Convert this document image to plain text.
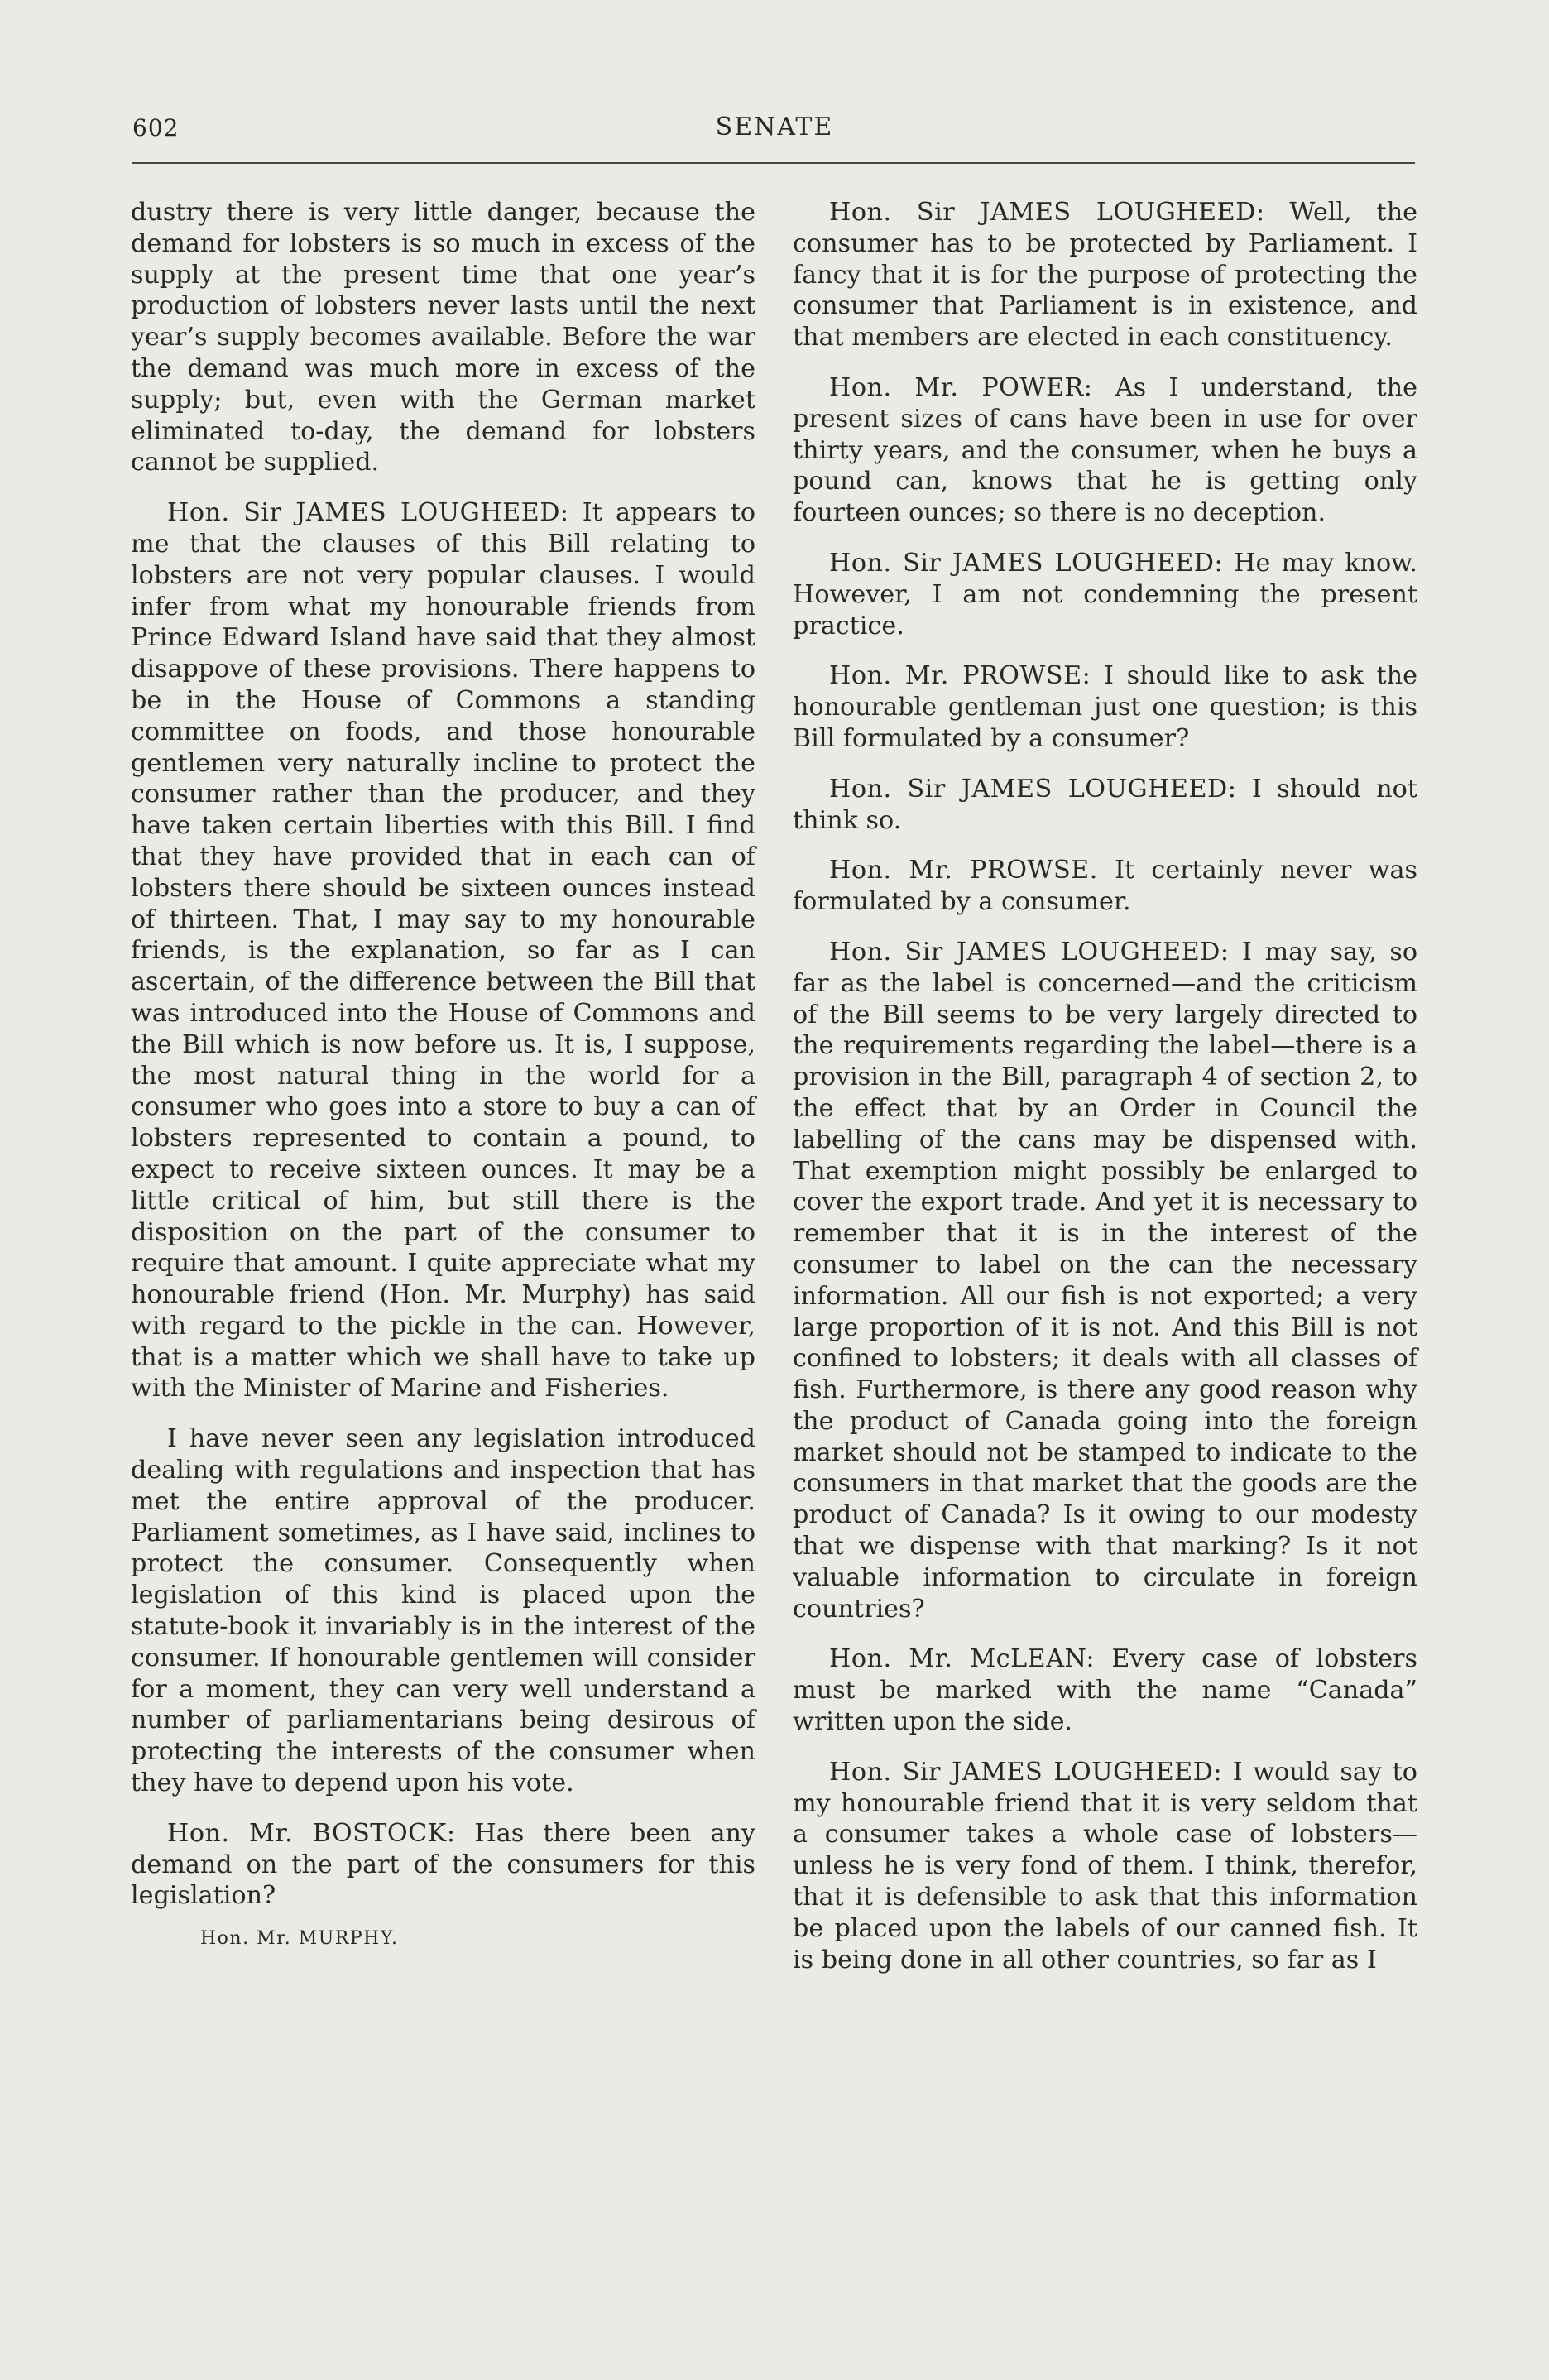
602	SENATE

dustry there is very little danger, because the demand for lobsters is so much in excess of the supply at the present time that one year’s production of lobsters never lasts until the next year’s supply becomes available. Before the war the demand was much more in excess of the supply; but, even with the German market eliminated to-day, the demand for lobsters cannot be supplied.

Hon. Sir JAMES LOUGHEED: It appears to me that the clauses of this Bill relating to lobsters are not very popular clauses. I would infer from what my honourable friends from Prince Edward Island have said that they almost disappove of these provisions. There happens to be in the House of Commons a standing committee on foods, and those honourable gentlemen very naturally incline to protect the consumer rather than the producer, and they have taken certain liberties with this Bill. I find that they have provided that in each can of lobsters there should be sixteen ounces instead of thirteen. That, I may say to my honourable friends, is the explanation, so far as I can ascertain, of the difference between the Bill that was introduced into the House of Commons and the Bill which is now before us. It is, I suppose, the most natural thing in the world for a consumer who goes into a store to buy a can of lobsters represented to contain a pound, to expect to receive sixteen ounces. It may be a little critical of him, but still there is the disposition on the part of the consumer to require that amount. I quite appreciate what my honourable friend (Hon. Mr. Murphy) has said with regard to the pickle in the can. However, that is a matter which we shall have to take up with the Minister of Marine and Fisheries.

I have never seen any legislation introduced dealing with regulations and inspection that has met the entire approval of the producer. Parliament sometimes, as I have said, inclines to protect the consumer. Consequently when legislation of this kind is placed upon the statute-book it invariably is in the interest of the consumer. If honourable gentlemen will consider for a moment, they can very well understand a number of parliamentarians being desirous of protecting the interests of the consumer when they have to depend upon his vote.

Hon. Mr. BOSTOCK: Has there been any demand on the part of the consumers for this legislation?

Hon. Mr. MURPHY.

Hon. Sir JAMES LOUGHEED: Well, the consumer has to be protected by Parliament. I fancy that it is for the purpose of protecting the consumer that Parliament is in existence, and that members are elected in each constituency.

Hon. Mr. POWER: As I understand, the present sizes of cans have been in use for over thirty years, and the consumer, when he buys a pound can, knows that he is getting only fourteen ounces; so there is no deception.

Hon. Sir JAMES LOUGHEED: He may know. However, I am not condemning the present practice.

Hon. Mr. PROWSE: I should like to ask the honourable gentleman just one question; is this Bill formulated by a consumer?

Hon. Sir JAMES LOUGHEED: I should not think so.

Hon. Mr. PROWSE. It certainly never was formulated by a consumer.

Hon. Sir JAMES LOUGHEED: I may say, so far as the label is concerned—and the criticism of the Bill seems to be very largely directed to the requirements regarding the label—there is a provision in the Bill, paragraph 4 of section 2, to the effect that by an Order in Council the labelling of the cans may be dispensed with. That exemption might possibly be enlarged to cover the export trade. And yet it is necessary to remember that it is in the interest of the consumer to label on the can the necessary information. All our fish is not exported; a very large proportion of it is not. And this Bill is not confined to lobsters; it deals with all classes of fish. Furthermore, is there any good reason why the product of Canada going into the foreign market should not be stamped to indicate to the consumers in that market that the goods are the product of Canada? Is it owing to our modesty that we dispense with that marking? Is it not valuable information to circulate in foreign countries?

Hon. Mr. McLEAN: Every case of lobsters must be marked with the name “Canada” written upon the side.

Hon. Sir JAMES LOUGHEED: I would say to my honourable friend that it is very seldom that a consumer takes a whole case of lobsters—unless he is very fond of them. I think, therefor, that it is defensible to ask that this information be placed upon the labels of our canned fish. It is being done in all other countries, so far as I
